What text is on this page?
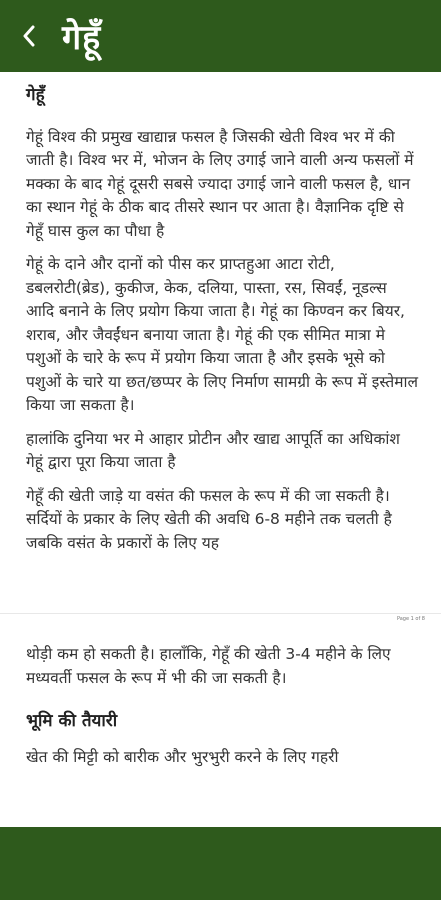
गेहूँ
गेहूँ

गेहूं विश्व की प्रमुख खाद्यान्न फसल है जिसकी खेती विश्व भर में की जाती है। विश्व भर में, भोजन के लिए उगाई जाने वाली अन्य फसलों में मक्का के बाद गेहूं दूसरी सबसे ज्यादा उगाई जाने वाली फसल है, धान का स्थान गेहूं के ठीक बाद तीसरे स्थान पर आता है। वैज्ञानिक दृष्टि से गेहूँ घास कुल का पौधा है

गेहूं के दाने और दानों को पीस कर प्राप्तहुआ आटा रोटी, डबलरोटी(ब्रेड), कुकीज, केक, दलिया, पास्ता, रस, सिवईं, नूडल्स आदि बनाने के लिए प्रयोग किया जाता है। गेहूं का किण्वन कर बियर, शराब, और जैवईंधन बनाया जाता है। गेहूं की एक सीमित मात्रा मे पशुओं के चारे के रूप में प्रयोग किया जाता है और इसके भूसे को पशुओं के चारे या छत/छप्पर के लिए निर्माण सामग्री के रूप में इस्तेमाल किया जा सकता है।

हालांकि दुनिया भर मे आहार प्रोटीन और खाद्य आपूर्ति का अधिकांश गेहूं द्वारा पूरा किया जाता है

गेहूँ की खेती जाड़े या वसंत की फसल के रूप में की जा सकती है। सर्दियों के प्रकार के लिए खेती की अवधि 6-8 महीने तक चलती है जबकि वसंत के प्रकारों के लिए यह

Page 1 of 8

थोड़ी कम हो सकती है। हालाँकि, गेहूँ की खेती 3-4 महीने के लिए मध्यवर्ती फसल के रूप में भी की जा सकती है।

भूमि की तैयारी

खेत की मिट्टी को बारीक और भुरभुरी करने के लिए गहरी
